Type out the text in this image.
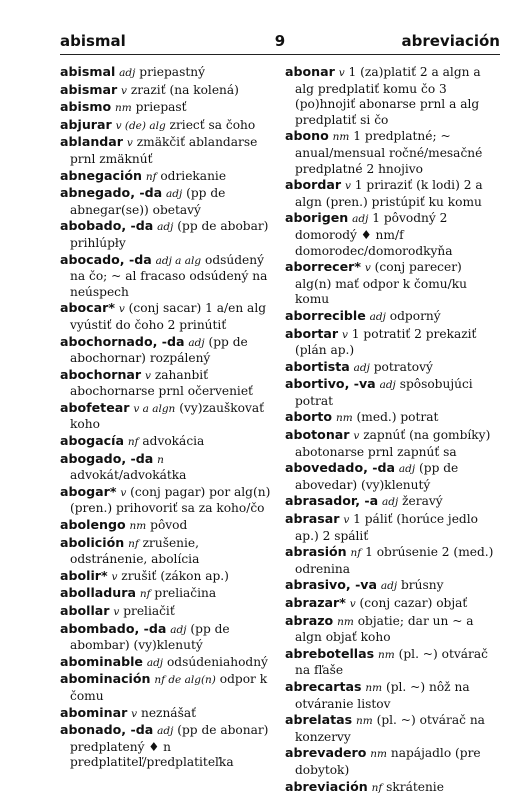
abismal	9	abreviación
abismal adj priepastný
abismar v zraziť (na kolená)
abismo nm priepasť
abjurar v (de) alg zriecť sa čoho
ablandar v zmäkčiť ablandarse prnl zmäknúť
abnegación nf odriekanie
abnegado, -da adj (pp de abnegar(se)) obetavý
abobado, -da adj (pp de abobar) prihlúpły
abocado, -da adj a alg odsúdený na čo; ~ al fracaso odsúdený na neúspech
abocar* v (conj sacar) 1 a/en alg vyústiť do čoho 2 prinútiť
abochornado, -da adj (pp de abochornar) rozpálený
abochornar v zahanbiť abochornarse prnl očervenieť
abofetear v a algn (vy)zauškovať koho
abogacía nf advokácia
abogado, -da n advokát/advokátka
abogar* v (conj pagar) por alg(n) (pren.) prihovoriť sa za koho/čo
abolengo nm pôvod
abolición nf zrušenie, odstránenie, abolícia
abolir* v zrušiť (zákon ap.)
abolladura nf preliačina
abollar v preliačiť
abombado, -da adj (pp de abombar) (vy)klenutý
abominable adj odsúdeniahodný
abominación nf de alg(n) odpor k čomu
abominar v neznášať
abonado, -da adj (pp de abonar) predplatený ♦ n predplatiteľ/predplatiteľka
abonar v 1 (za)platiť 2 a algn a alg predplatiť komu čo 3 (po)hnojiť abonarse prnl a alg predplatiť si čo
abono nm 1 predplatné; ~ anual/mensual ročné/mesačné predplatné 2 hnojivo
abordar v 1 priraziť (k lodi) 2 a algn (pren.) pristúpiť ku komu
aborigen adj 1 pôvodný 2 domorodý ♦ nm/f domorodec/domorodkyňa
aborrecer* v (conj parecer) alg(n) mať odpor k čomu/ku komu
aborrecible adj odporný
abortar v 1 potratiť 2 prekaziť (plán ap.)
abortista adj potratový
abortivo, -va adj spôsobujúci potrat
aborto nm (med.) potrat
abotonar v zapnúť (na gombíky) abotonarse prnl zapnúť sa
abovedado, -da adj (pp de abovedar) (vy)klenutý
abrasador, -a adj žeravý
abrasar v 1 páliť (horúce jedlo ap.) 2 spáliť
abrasión nf 1 obrúsenie 2 (med.) odrenina
abrasivo, -va adj brúsny
abrazar* v (conj cazar) objať
abrazo nm objatie; dar un ~ a algn objať koho
abrebotellas nm (pl. ~) otvárač na fľaše
abrecartas nm (pl. ~) nôž na otváranie listov
abrelatas nm (pl. ~) otvárač na konzervy
abrevadero nm napájadlo (pre dobytok)
abreviación nf skrátenie
